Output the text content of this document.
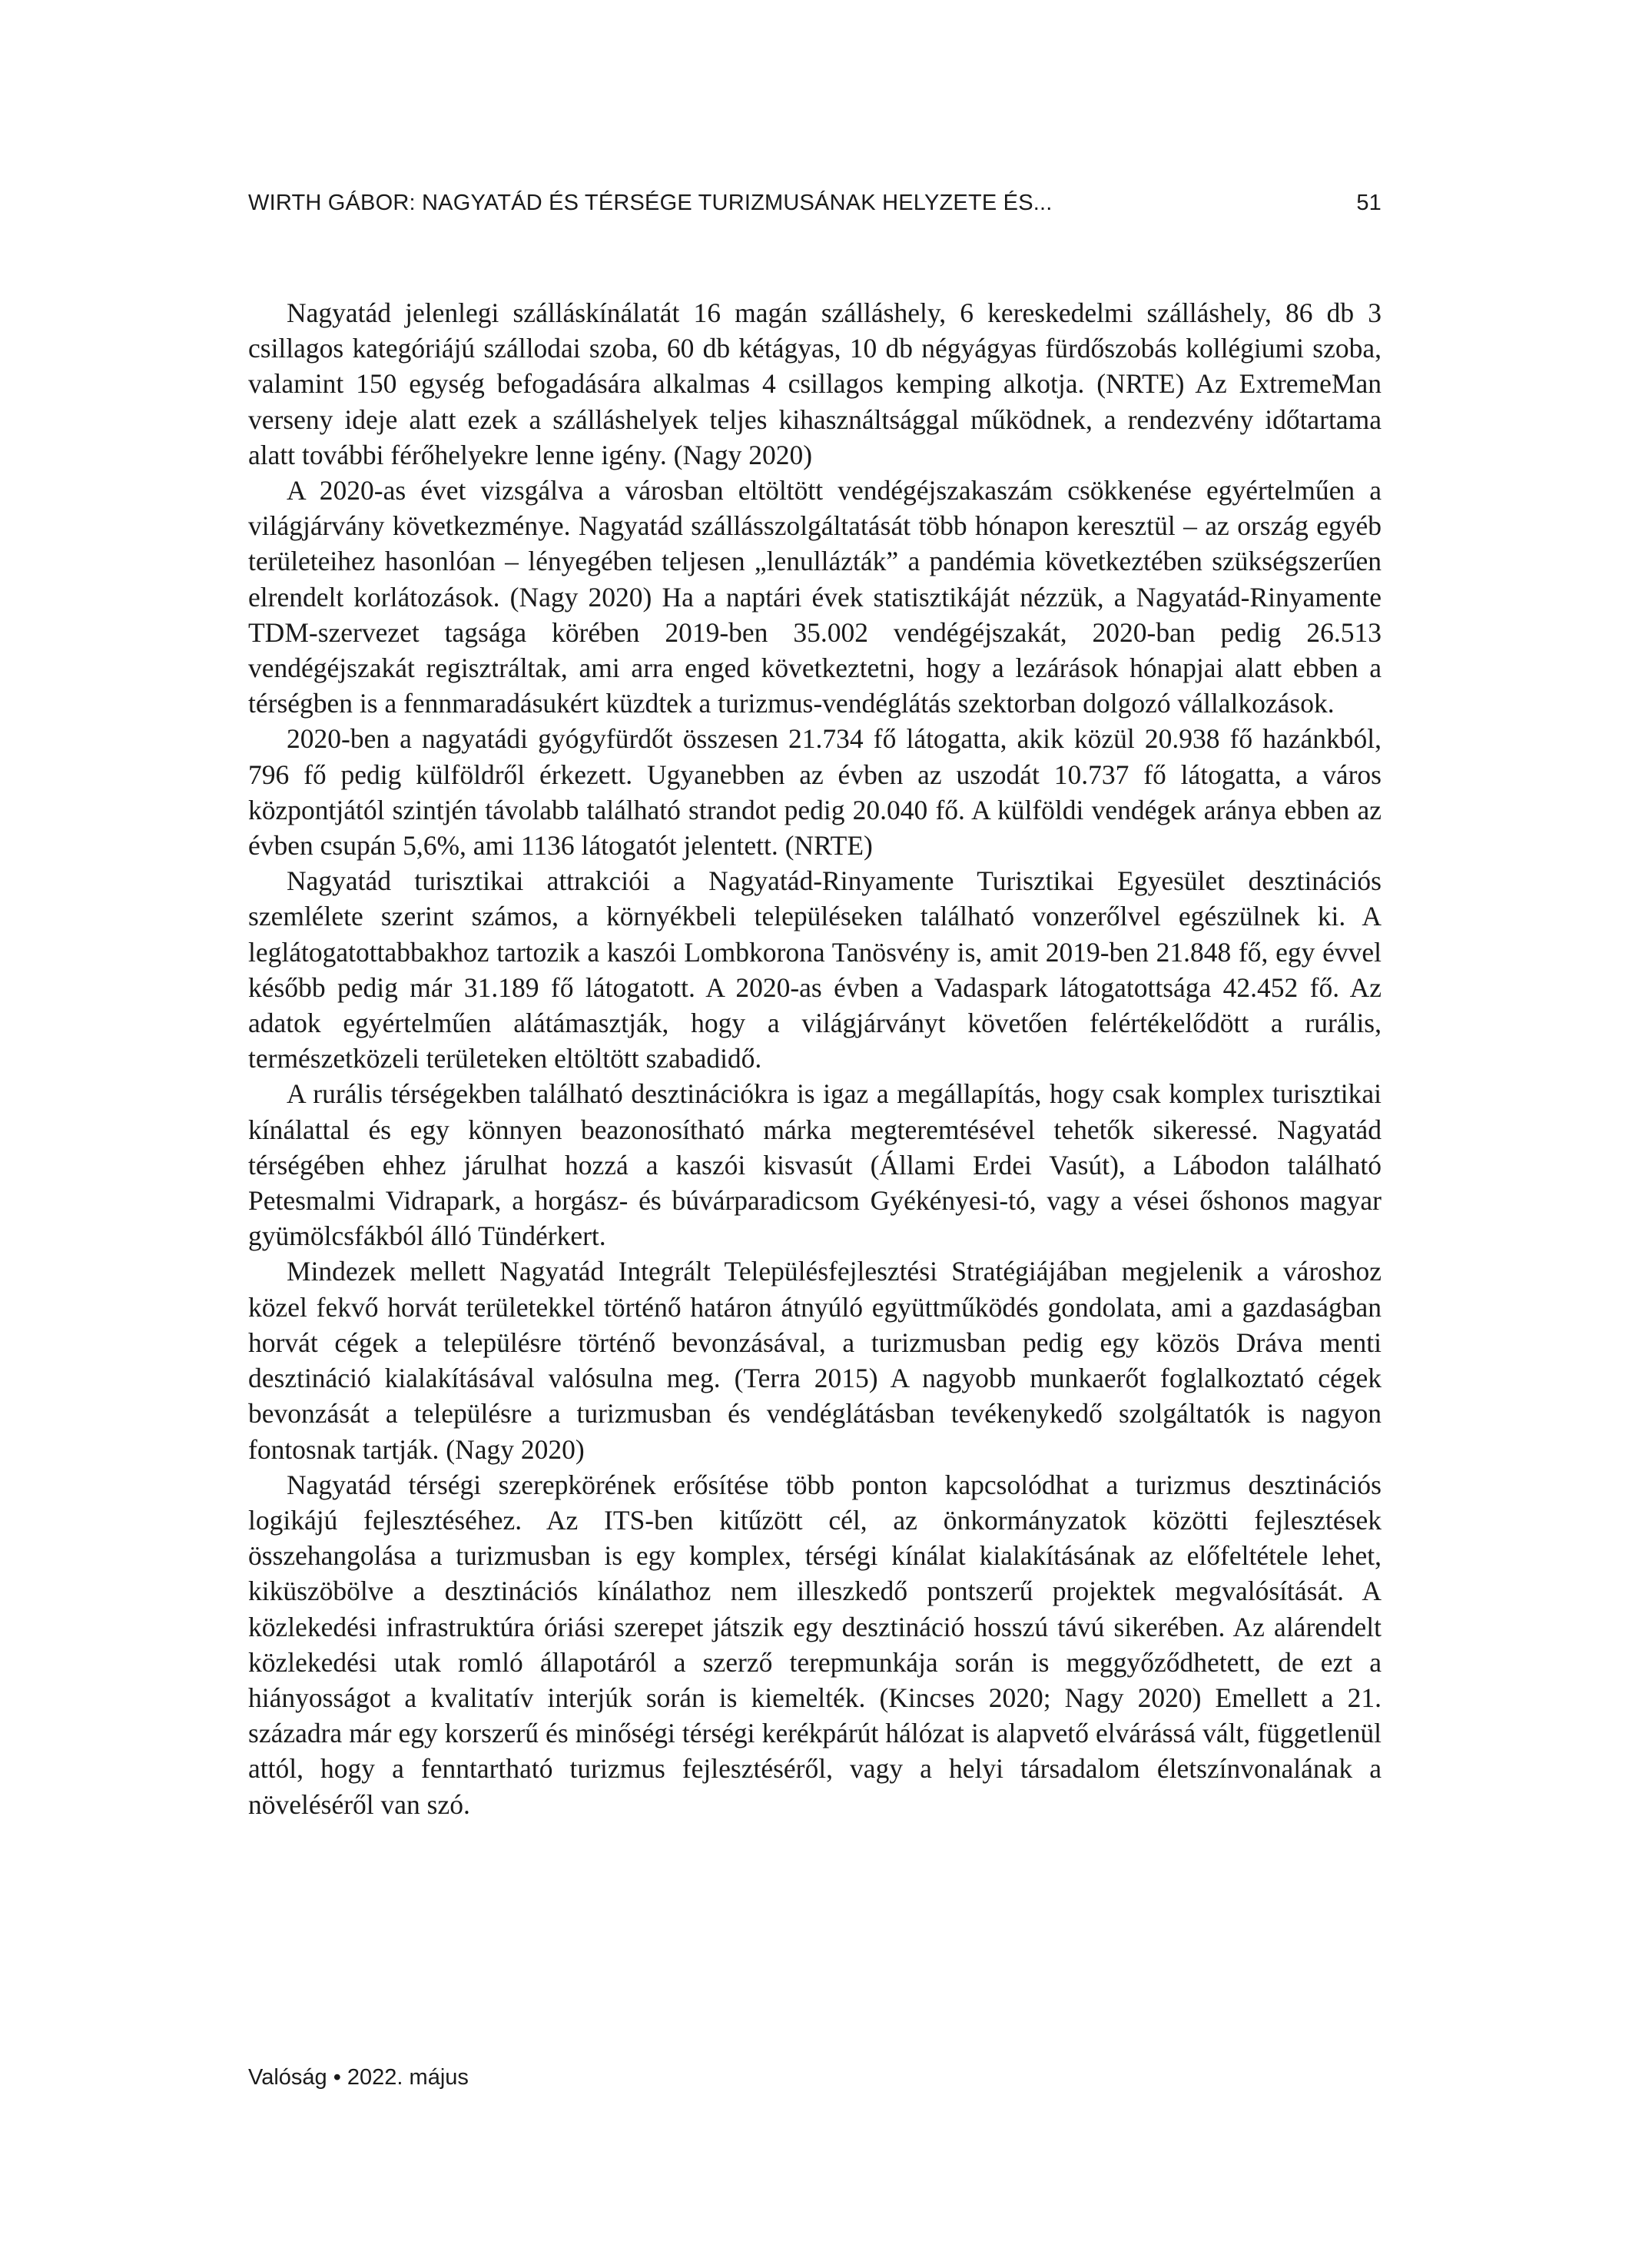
WIRTH GÁBOR: NAGYATÁD ÉS TÉRSÉGE TURIZMUSÁNAK HELYZETE ÉS...	51

Nagyatád jelenlegi szálláskínálatát 16 magán szálláshely, 6 kereskedelmi szálláshely, 86 db 3 csillagos kategóriájú szállodai szoba, 60 db kétágyas, 10 db négyágyas fürdőszobás kollégiumi szoba, valamint 150 egység befogadására alkalmas 4 csillagos kemping alkotja. (NRTE) Az ExtremeMan verseny ideje alatt ezek a szálláshelyek teljes kihasználtsággal működnek, a rendezvény időtartama alatt további férőhelyekre lenne igény. (Nagy 2020)

A 2020-as évet vizsgálva a városban eltöltött vendégéjszakaszám csökkenése egyértelműen a világjárvány következménye. Nagyatád szállásszolgáltatását több hónapon keresztül – az ország egyéb területeihez hasonlóan – lényegében teljesen „lenullázták” a pandémia következtében szükségszerűen elrendelt korlátozások. (Nagy 2020) Ha a naptári évek statisztikáját nézzük, a Nagyatád-Rinyamente TDM-szervezet tagsága körében 2019-ben 35.002 vendégéjszakát, 2020-ban pedig 26.513 vendégéjszakát regisztráltak, ami arra enged következtetni, hogy a lezárások hónapjai alatt ebben a térségben is a fennmaradásukért küzdtek a turizmus-vendéglátás szektorban dolgozó vállalkozások.

2020-ben a nagyatádi gyógyfürdőt összesen 21.734 fő látogatta, akik közül 20.938 fő hazánkból, 796 fő pedig külföldről érkezett. Ugyanebben az évben az uszodát 10.737 fő látogatta, a város központjától szintjén távolabb található strandot pedig 20.040 fő. A külföldi vendégek aránya ebben az évben csupán 5,6%, ami 1136 látogatót jelentett. (NRTE)

Nagyatád turisztikai attrakciói a Nagyatád-Rinyamente Turisztikai Egyesület desztinációs szemlélete szerint számos, a környékbeli településeken található vonzerőlvel egészülnek ki. A leglátogatottabbakhoz tartozik a kaszói Lombkorona Tanösvény is, amit 2019-ben 21.848 fő, egy évvel később pedig már 31.189 fő látogatott. A 2020-as évben a Vadaspark látogatottsága 42.452 fő. Az adatok egyértelműen alátámasztják, hogy a világjárványt követően felértékelődött a rurális, természetközeli területeken eltöltött szabadidő.

A rurális térségekben található desztinációkra is igaz a megállapítás, hogy csak komplex turisztikai kínálattal és egy könnyen beazonosítható márka megteremtésével tehetők sikeressé. Nagyatád térségében ehhez járulhat hozzá a kaszói kisvasút (Állami Erdei Vasút), a Lábodon található Petesmalmi Vidrapark, a horgász- és búvárparadicsom Gyékényesi-tó, vagy a vései őshonos magyar gyümölcsfákból álló Tündérkert.

Mindezek mellett Nagyatád Integrált Településfejlesztési Stratégiájában megjelenik a városhoz közel fekvő horvát területekkel történő határon átnyúló együttműködés gondolata, ami a gazdaságban horvát cégek a településre történő bevonzásával, a turizmusban pedig egy közös Dráva menti desztináció kialakításával valósulna meg. (Terra 2015) A nagyobb munkaerőt foglalkoztató cégek bevonzását a településre a turizmusban és vendéglátásban tevékenykedő szolgáltatók is nagyon fontosnak tartják. (Nagy 2020)

Nagyatád térségi szerepkörének erősítése több ponton kapcsolódhat a turizmus desztinációs logikájú fejlesztéséhez. Az ITS-ben kitűzött cél, az önkormányzatok közötti fejlesztések összehangolása a turizmusban is egy komplex, térségi kínálat kialakításának az előfeltétele lehet, kiküszöbölve a desztinációs kínálathoz nem illeszkedő pontszerű projektek megvalósítását. A közlekedési infrastruktúra óriási szerepet játszik egy desztináció hosszú távú sikerében. Az alárendelt közlekedési utak romló állapotáról a szerző terepmunkája során is meggyőződhetett, de ezt a hiányosságot a kvalitatív interjúk során is kiemelték. (Kincses 2020; Nagy 2020) Emellett a 21. századra már egy korszerű és minőségi térségi kerékpárút hálózat is alapvető elvárássá vált, függetlenül attól, hogy a fenntartható turizmus fejlesztéséről, vagy a helyi társadalom életszínvonalának a növeléséről van szó.

Valóság • 2022. május
